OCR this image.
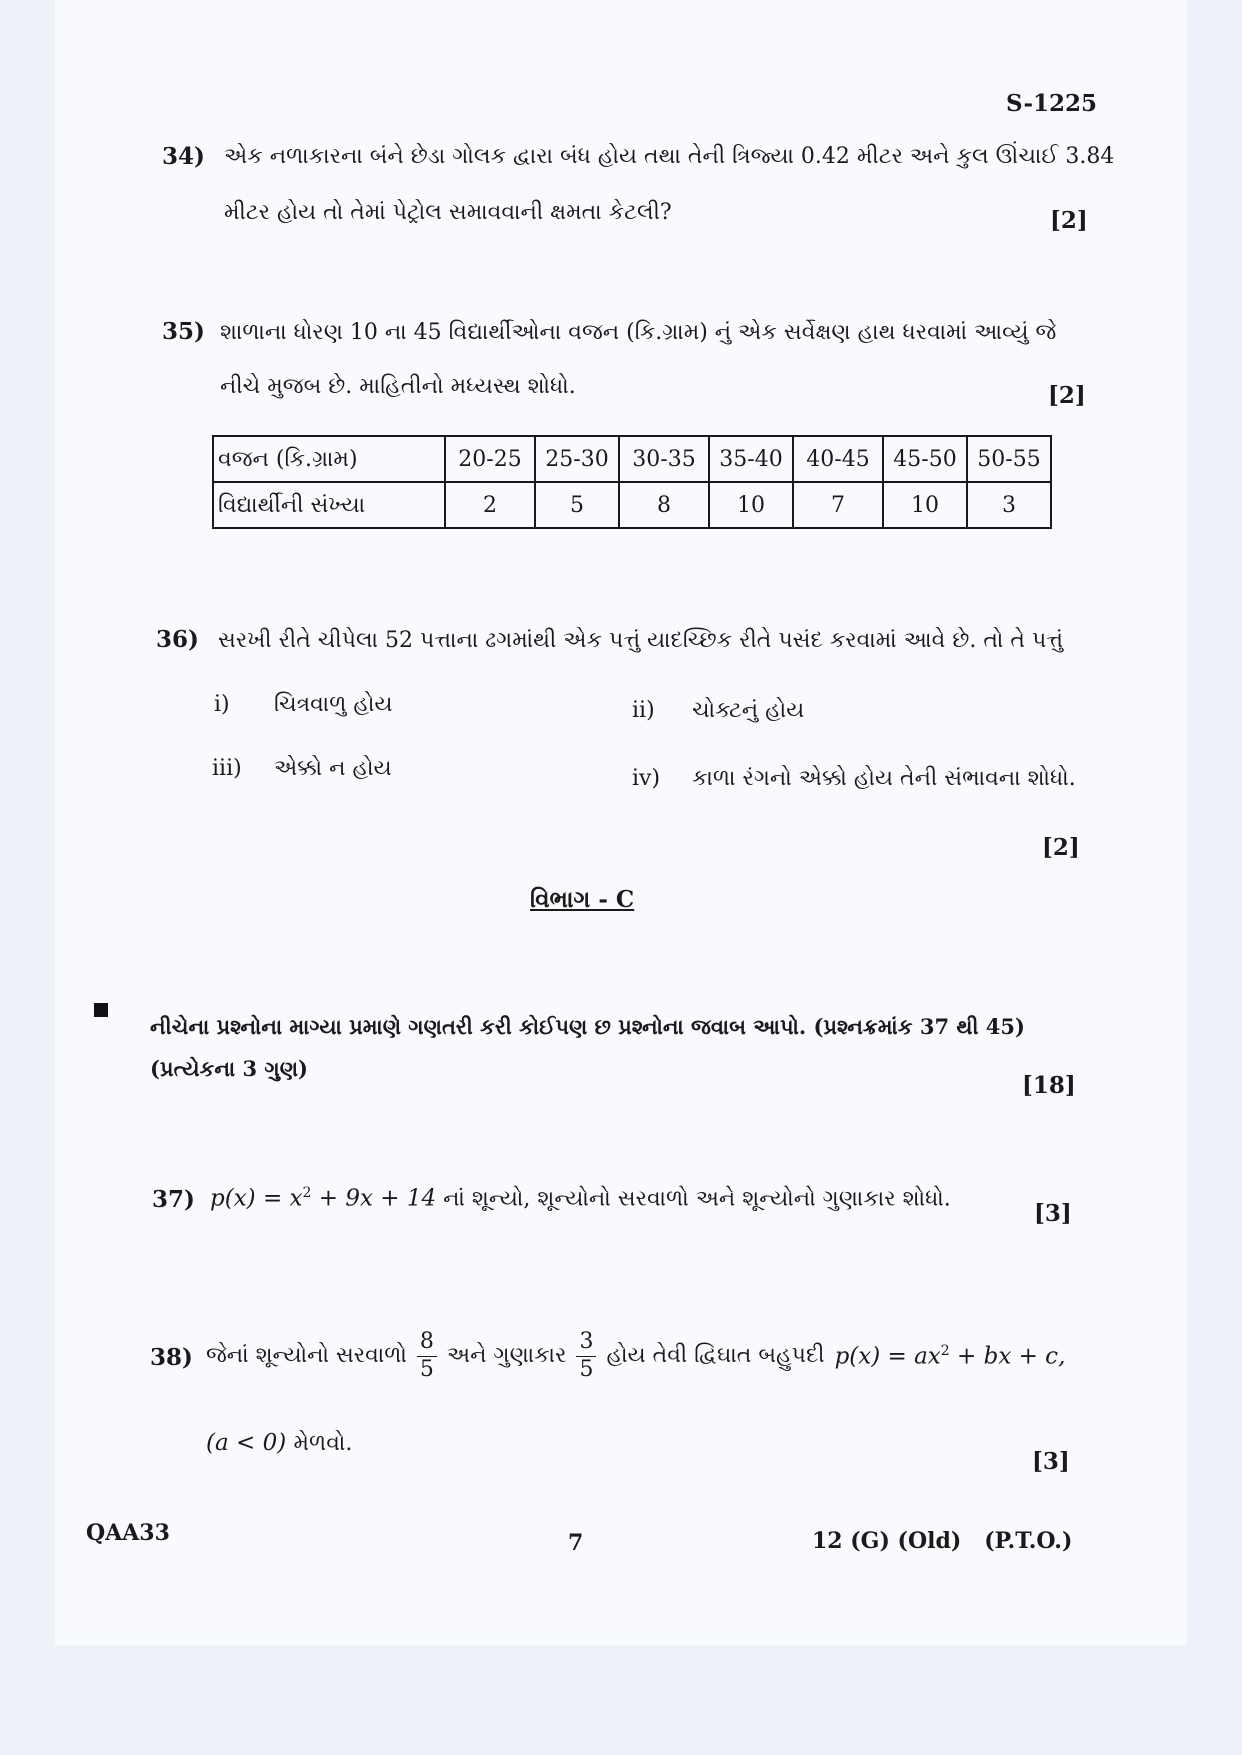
S-1225
34) એક નળાકારના બંને છેડા ગોલક દ્વારા બંધ હોય તથા તેની ત્રિજ્યા 0.42 મીટર અને કુલ ઊંચાઈ 3.84
મીટર હોય તો તેમાં પેટ્રોલ સમાવવાની ક્ષમતા કેટલી?	[2]
35) શાળાના ધોરણ 10 ના 45 વિદ્યાર્થીઓના વજન (કિ.ગ્રામ) નું એક સર્વેક્ષણ હાથ ધરવામાં આવ્યું જે
નીચે મુજબ છે. માહિતીનો મધ્યસ્થ શોધો.	[2]
વજન (કિ.ગ્રામ)	20-25	25-30	30-35	35-40	40-45	45-50	50-55
વિદ્યાર્થીની સંખ્યા	2	5	8	10	7	10	3
36) સરખી રીતે ચીપેલા 52 પત્તાના ઢગમાંથી એક પત્તું યાદચ્છિક રીતે પસંદ કરવામાં આવે છે. તો તે પત્તું
i) ચિત્રવાળુ હોય	ii) ચોક્ટનું હોય
iii) એક્કો ન હોય	iv) કાળા રંગનો એક્કો હોય તેની સંભાવના શોધો.
[2]
વિભાગ - C
નીચેના પ્રશ્નોના માગ્યા પ્રમાણે ગણતરી કરી કોઈપણ છ પ્રશ્નોના જવાબ આપો. (પ્રશ્નક્રમાંક 37 થી 45)
(પ્રત્યેકના 3 ગુણ)
[18]
37) $p(x) = x^2 + 9x + 14$ નાં શૂન્યો, શૂન્યોનો સરવાળો અને શૂન્યોનો ગુણાકાર શોધો.
[3]
38) જેનાં શૂન્યોનો સરવાળો $\frac{8}{5}$ અને ગુણાકાર $\frac{3}{5}$ હોય તેવી દ્વિઘાત બહુપદી $p(x) = ax^2$ + bx + c,
(a < 0) મેળવો.
[3]
QAA33	7	12 (G) (Old)   (P.T.O.)
